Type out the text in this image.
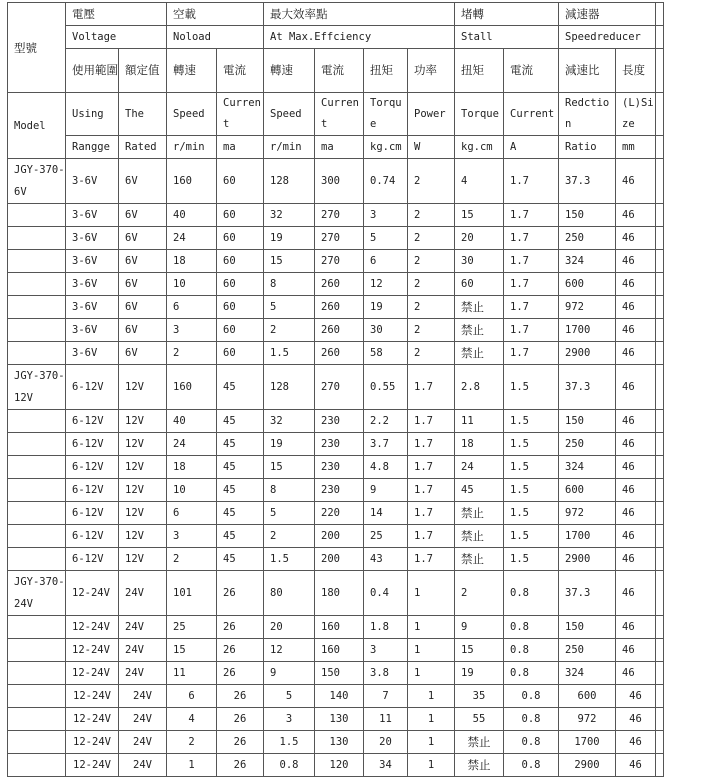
型號	電壓		空載		最大效率點				堵轉		減速器		
	Voltage		Noload		At Max.Effciency				Stall		Speedreducer		
	使用範圍	額定值	轉速	電流	轉速	電流	扭矩	功率	扭矩	電流	減速比	長度	
Model	Using	The	Speed	Current	Speed	Current	Torque	Power	Torque	Current	Redction	(L)Size	
	Rangge	Rated	r/min	ma	r/min	ma	kg.cm	W	kg.cm	A	Ratio	mm	
JGY-370-6V	3-6V	6V	160	60	128	300	0.74	2	4	1.7	37.3	46	
	3-6V	6V	40	60	32	270	3	2	15	1.7	150	46	
	3-6V	6V	24	60	19	270	5	2	20	1.7	250	46	
	3-6V	6V	18	60	15	270	6	2	30	1.7	324	46	
	3-6V	6V	10	60	8	260	12	2	60	1.7	600	46	
	3-6V	6V	6	60	5	260	19	2	禁止	1.7	972	46	
	3-6V	6V	3	60	2	260	30	2	禁止	1.7	1700	46	
	3-6V	6V	2	60	1.5	260	58	2	禁止	1.7	2900	46	
JGY-370-12V	6-12V	12V	160	45	128	270	0.55	1.7	2.8	1.5	37.3	46	
	6-12V	12V	40	45	32	230	2.2	1.7	11	1.5	150	46	
	6-12V	12V	24	45	19	230	3.7	1.7	18	1.5	250	46	
	6-12V	12V	18	45	15	230	4.8	1.7	24	1.5	324	46	
	6-12V	12V	10	45	8	230	9	1.7	45	1.5	600	46	
	6-12V	12V	6	45	5	220	14	1.7	禁止	1.5	972	46	
	6-12V	12V	3	45	2	200	25	1.7	禁止	1.5	1700	46	
	6-12V	12V	2	45	1.5	200	43	1.7	禁止	1.5	2900	46	
JGY-370-24V	12-24V	24V	101	26	80	180	0.4	1	2	0.8	37.3	46	
	12-24V	24V	25	26	20	160	1.8	1	9	0.8	150	46	
	12-24V	24V	15	26	12	160	3	1	15	0.8	250	46	
	12-24V	24V	11	26	9	150	3.8	1	19	0.8	324	46	
	12-24V	24V	6	26	5	140	7	1	35	0.8	600	46	
	12-24V	24V	4	26	3	130	11	1	55	0.8	972	46	
	12-24V	24V	2	26	1.5	130	20	1	禁止	0.8	1700	46	
	12-24V	24V	1	26	0.8	120	34	1	禁止	0.8	2900	46	
